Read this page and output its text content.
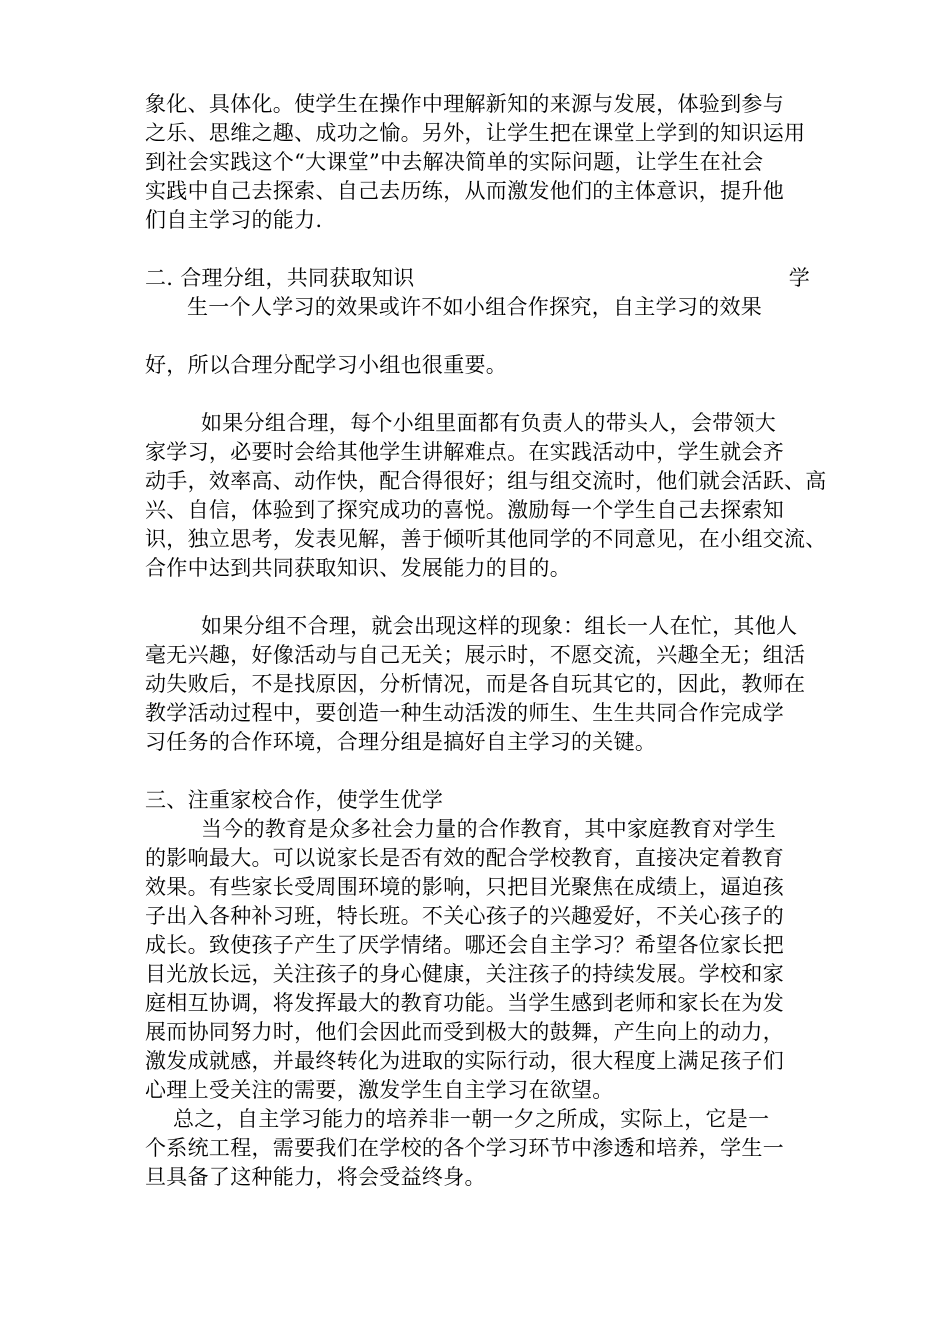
象化、具体化。使学生在操作中理解新知的来源与发展，体验到参与
之乐、思维之趣、成功之愉。另外，让学生把在课堂上学到的知识运用
到社会实践这个“大课堂”中去解决简单的实际问题，让学生在社会
实践中自己去探索、自己去历练，从而激发他们的主体意识，提升他
们自主学习的能力.
二. 合理分组，共同获取知识	学
生一个人学习的效果或许不如小组合作探究，自主学习的效果
好，所以合理分配学习小组也很重要。
如果分组合理，每个小组里面都有负责人的带头人，会带领大
家学习，必要时会给其他学生讲解难点。在实践活动中，学生就会齐
动手，效率高、动作快，配合得很好；组与组交流时，他们就会活跃、高
兴、自信，体验到了探究成功的喜悦。激励每一个学生自己去探索知
识，独立思考，发表见解，善于倾听其他同学的不同意见，在小组交流、
合作中达到共同获取知识、发展能力的目的。
如果分组不合理，就会出现这样的现象：组长一人在忙，其他人
毫无兴趣，好像活动与自己无关；展示时，不愿交流，兴趣全无；组活
动失败后，不是找原因，分析情况，而是各自玩其它的，因此，教师在
教学活动过程中，要创造一种生动活泼的师生、生生共同合作完成学
习任务的合作环境，合理分组是搞好自主学习的关键。
三、注重家校合作，使学生优学
当今的教育是众多社会力量的合作教育，其中家庭教育对学生
的影响最大。可以说家长是否有效的配合学校教育，直接决定着教育
效果。有些家长受周围环境的影响，只把目光聚焦在成绩上，逼迫孩
子出入各种补习班，特长班。不关心孩子的兴趣爱好，不关心孩子的
成长。致使孩子产生了厌学情绪。哪还会自主学习？希望各位家长把
目光放长远，关注孩子的身心健康，关注孩子的持续发展。学校和家
庭相互协调，将发挥最大的教育功能。当学生感到老师和家长在为发
展而协同努力时，他们会因此而受到极大的鼓舞，产生向上的动力，
激发成就感，并最终转化为进取的实际行动，很大程度上满足孩子们
心理上受关注的需要，激发学生自主学习在欲望。
总之，自主学习能力的培养非一朝一夕之所成，实际上，它是一
个系统工程，需要我们在学校的各个学习环节中渗透和培养，学生一
旦具备了这种能力，将会受益终身。
